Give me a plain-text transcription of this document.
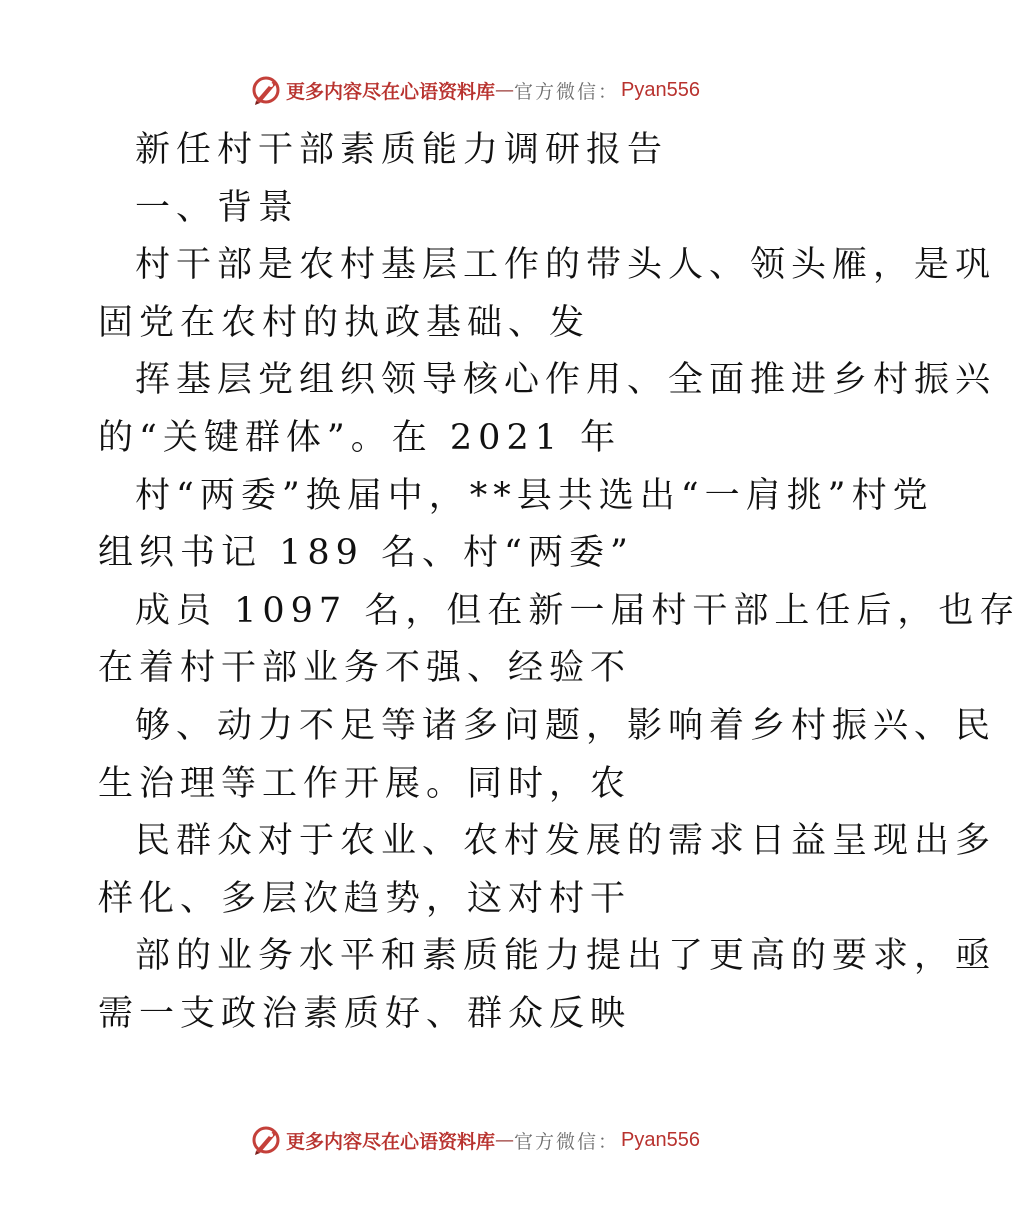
更多内容尽在心语资料库 — 官方微信： Pyan556
新任村干部素质能力调研报告
一、背景
村干部是农村基层工作的带头人、领头雁，是巩
固党在农村的执政基础、发
挥基层党组织领导核心作用、全面推进乡村振兴
的“关键群体”。在 2021 年
村“两委”换届中，**县共选出“一肩挑”村党
组织书记 189 名、村“两委”
成员 1097 名，但在新一届村干部上任后，也存
在着村干部业务不强、经验不
够、动力不足等诸多问题，影响着乡村振兴、民
生治理等工作开展。同时，农
民群众对于农业、农村发展的需求日益呈现出多
样化、多层次趋势，这对村干
部的业务水平和素质能力提出了更高的要求，亟
需一支政治素质好、群众反映
更多内容尽在心语资料库 — 官方微信： Pyan556
